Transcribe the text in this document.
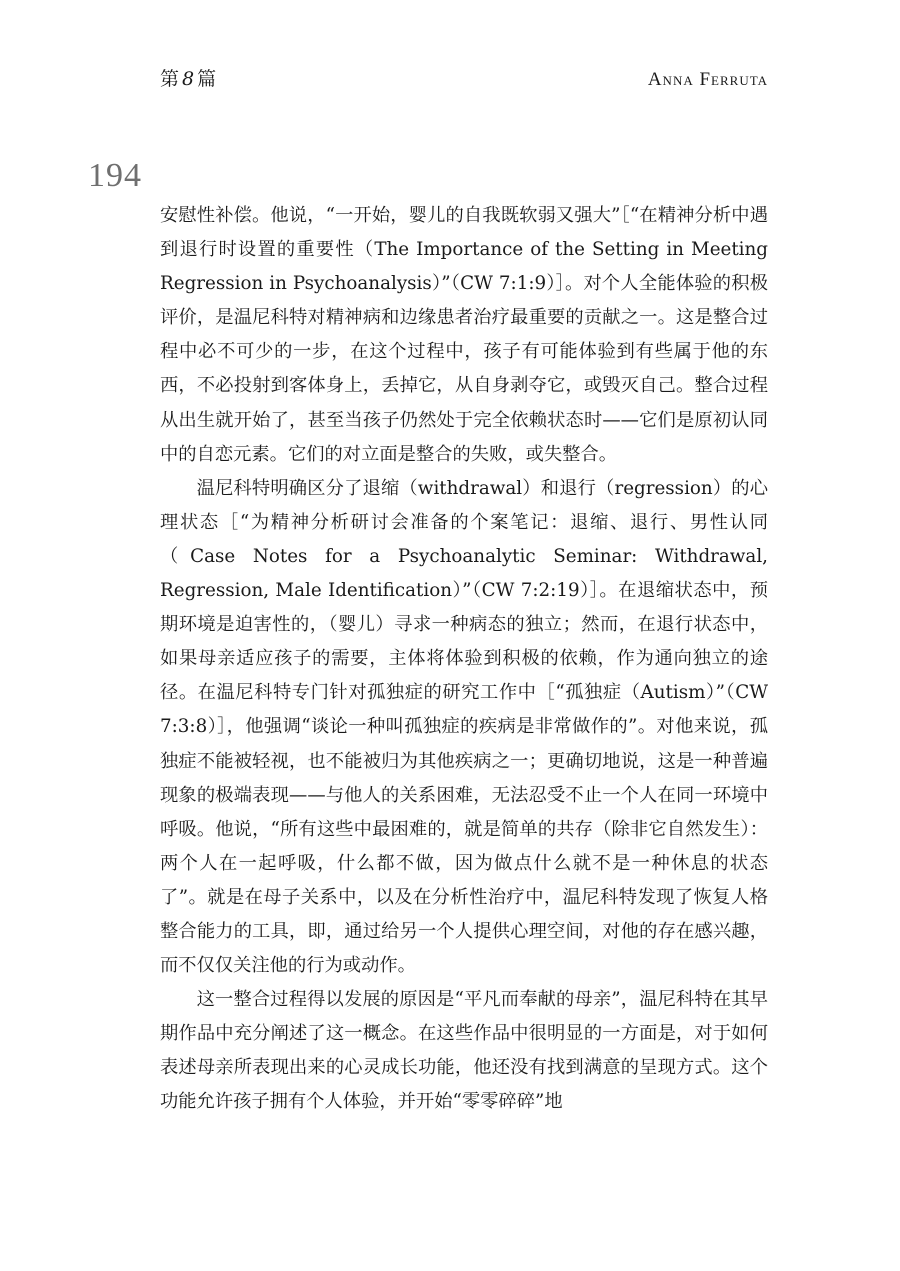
第 8 篇	Anna Ferruta
194

安慰性补偿。他说，“一开始，婴儿的自我既软弱又强大”［“在精神分析中遇到退行时设置的重要性（The Importance of the Setting in Meeting Regression in Psychoanalysis）”（CW 7:1:9）］。对个人全能体验的积极评价，是温尼科特对精神病和边缘患者治疗最重要的贡献之一。这是整合过程中必不可少的一步，在这个过程中，孩子有可能体验到有些属于他的东西，不必投射到客体身上，丢掉它，从自身剥夺它，或毁灭自己。整合过程从出生就开始了，甚至当孩子仍然处于完全依赖状态时——它们是原初认同中的自恋元素。它们的对立面是整合的失败，或失整合。

温尼科特明确区分了退缩（withdrawal）和退行（regression）的心理状态［“为精神分析研讨会准备的个案笔记：退缩、退行、男性认同（Case Notes for a Psychoanalytic Seminar: Withdrawal, Regression, Male Identification）”（CW 7:2:19）］。在退缩状态中，预期环境是迫害性的，（婴儿）寻求一种病态的独立；然而，在退行状态中，如果母亲适应孩子的需要，主体将体验到积极的依赖，作为通向独立的途径。在温尼科特专门针对孤独症的研究工作中［“孤独症（Autism）”（CW 7:3:8）］，他强调“谈论一种叫孤独症的疾病是非常做作的”。对他来说，孤独症不能被轻视，也不能被归为其他疾病之一；更确切地说，这是一种普遍现象的极端表现——与他人的关系困难，无法忍受不止一个人在同一环境中呼吸。他说，“所有这些中最困难的，就是简单的共存（除非它自然发生）：两个人在一起呼吸，什么都不做，因为做点什么就不是一种休息的状态了”。就是在母子关系中，以及在分析性治疗中，温尼科特发现了恢复人格整合能力的工具，即，通过给另一个人提供心理空间，对他的存在感兴趣，而不仅仅关注他的行为或动作。

这一整合过程得以发展的原因是“平凡而奉献的母亲”，温尼科特在其早期作品中充分阐述了这一概念。在这些作品中很明显的一方面是，对于如何表述母亲所表现出来的心灵成长功能，他还没有找到满意的呈现方式。这个功能允许孩子拥有个人体验，并开始“零零碎碎”地
